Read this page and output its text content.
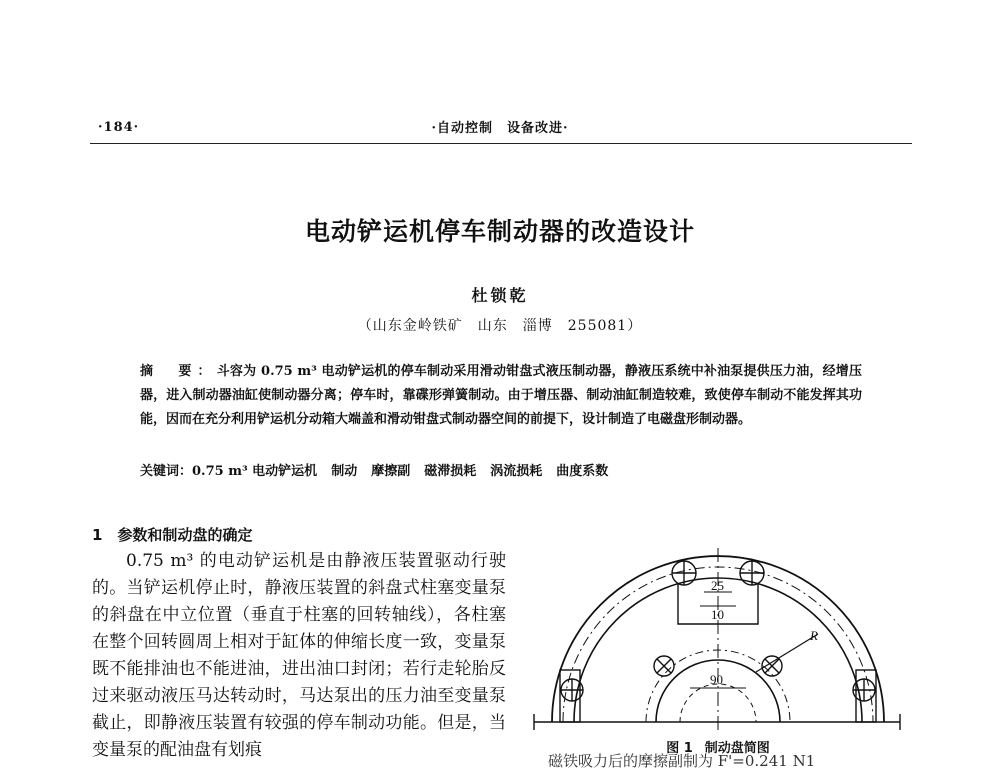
·184·	·自动控制　设备改进·
电动铲运机停车制动器的改造设计
杜锁乾
（山东金岭铁矿　山东　淄博　255081）
摘　要：斗容为 0.75 m³ 电动铲运机的停车制动采用滑动钳盘式液压制动器，静液压系统中补油泵提供压力油，经增压器，进入制动器油缸使制动器分离；停车时，靠碟形弹簧制动。由于增压器、制动油缸制造较难，致使停车制动不能发挥其功能，因而在充分利用铲运机分动箱大端盖和滑动钳盘式制动器空间的前提下，设计制造了电磁盘形制动器。
关键词：0.75 m³ 电动铲运机 制动 摩擦副 磁滞损耗 涡流损耗 曲度系数
1　参数和制动盘的确定

0.75 m³ 的电动铲运机是由静液压装置驱动行驶的。当铲运机停止时，静液压装置的斜盘式柱塞变量泵的斜盘在中立位置（垂直于柱塞的回转轴线），各柱塞在整个回转圆周上相对于缸体的伸缩长度一致，变量泵既不能排油也不能进油，进出油口封闭；若行走轮胎反过来驱动液压马达转动时，马达泵出的压力油至变量泵截止，即静液压装置有较强的停车制动功能。但是，当变量泵的配油盘有划痕

25
10
90
R
图 1 制动盘简图
磁铁吸力后的摩擦副制为 F'=0.241 N1
